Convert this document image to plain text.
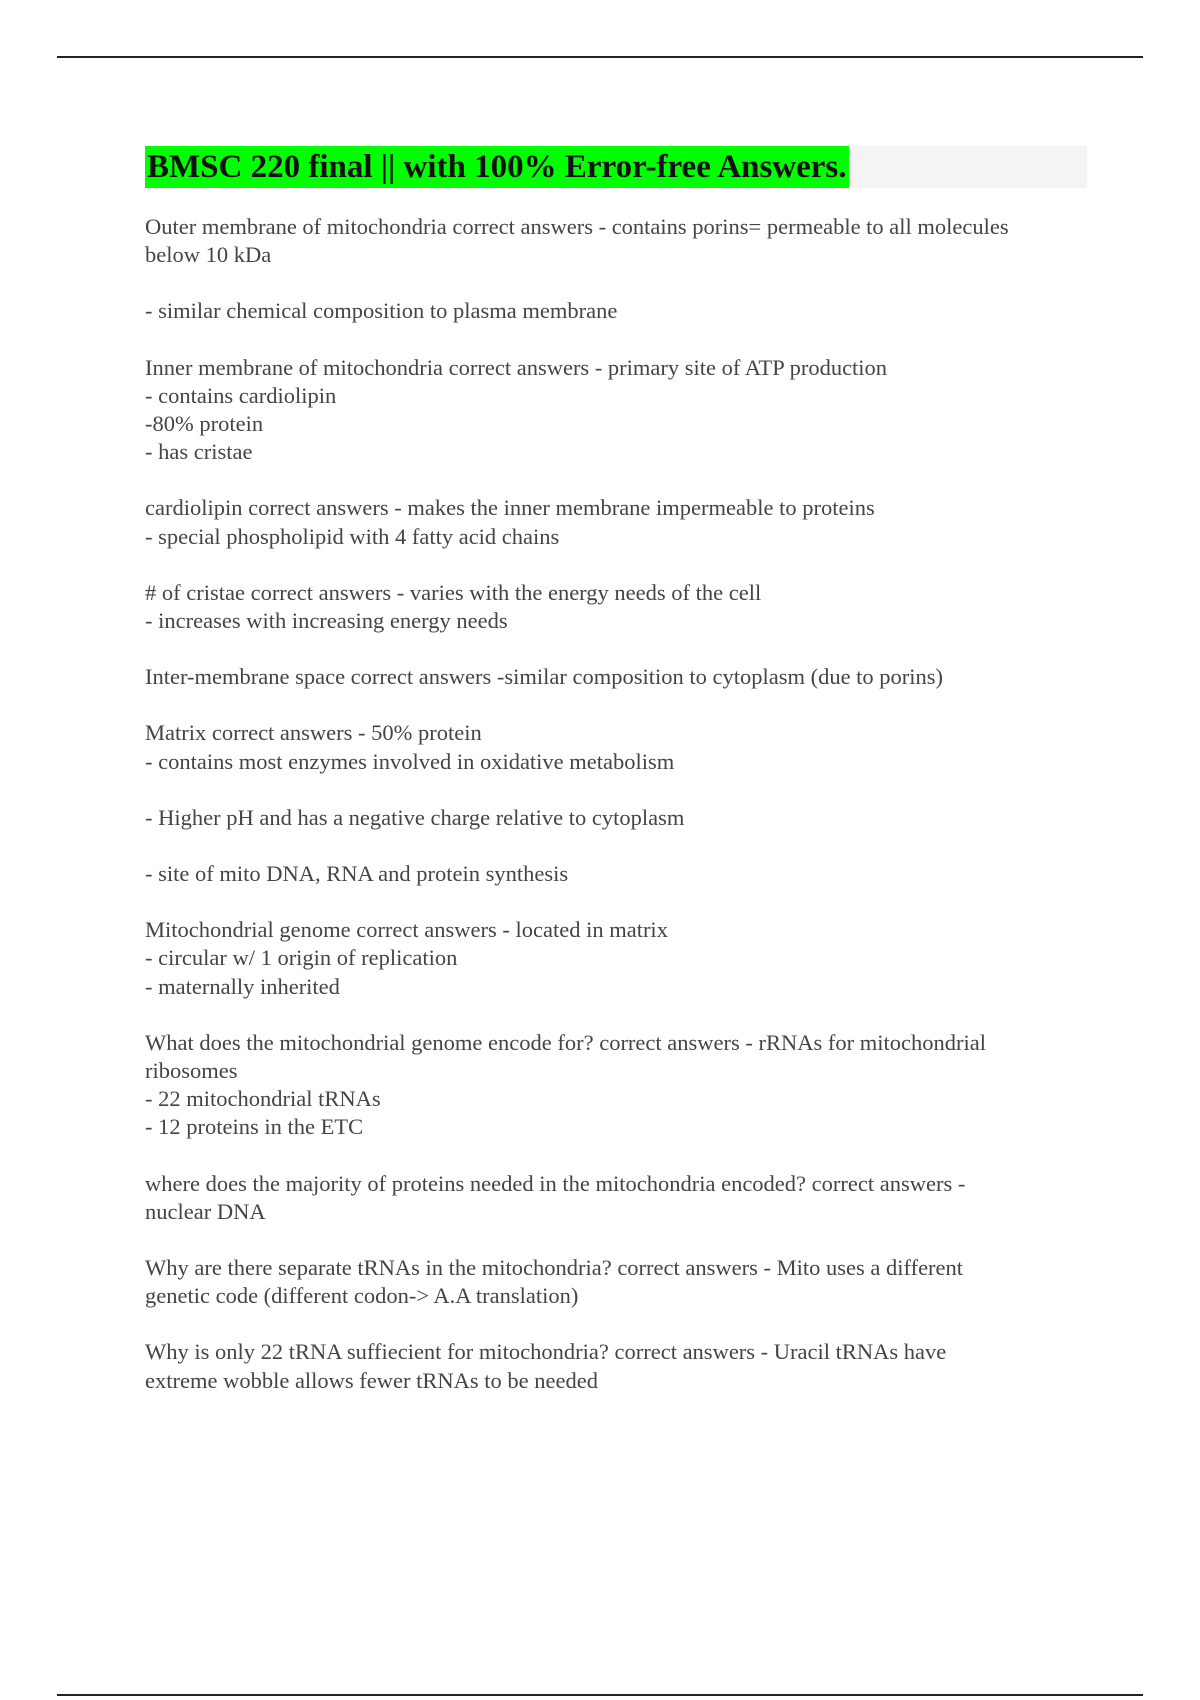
BMSC 220 final || with 100% Error-free Answers.
Outer membrane of mitochondria correct answers - contains porins= permeable to all molecules
below 10 kDa
- similar chemical composition to plasma membrane
Inner membrane of mitochondria correct answers - primary site of ATP production
- contains cardiolipin
-80% protein
- has cristae
cardiolipin correct answers - makes the inner membrane impermeable to proteins
- special phospholipid with 4 fatty acid chains
# of cristae correct answers - varies with the energy needs of the cell
- increases with increasing energy needs
Inter-membrane space correct answers -similar composition to cytoplasm (due to porins)
Matrix correct answers - 50% protein
- contains most enzymes involved in oxidative metabolism
- Higher pH and has a negative charge relative to cytoplasm
- site of mito DNA, RNA and protein synthesis
Mitochondrial genome correct answers - located in matrix
- circular w/ 1 origin of replication
- maternally inherited
What does the mitochondrial genome encode for? correct answers - rRNAs for mitochondrial
ribosomes
- 22 mitochondrial tRNAs
- 12 proteins in the ETC
where does the majority of proteins needed in the mitochondria encoded? correct answers -
nuclear DNA
Why are there separate tRNAs in the mitochondria? correct answers - Mito uses a different
genetic code (different codon-> A.A translation)
Why is only 22 tRNA suffiecient for mitochondria? correct answers - Uracil tRNAs have
extreme wobble allows fewer tRNAs to be needed
